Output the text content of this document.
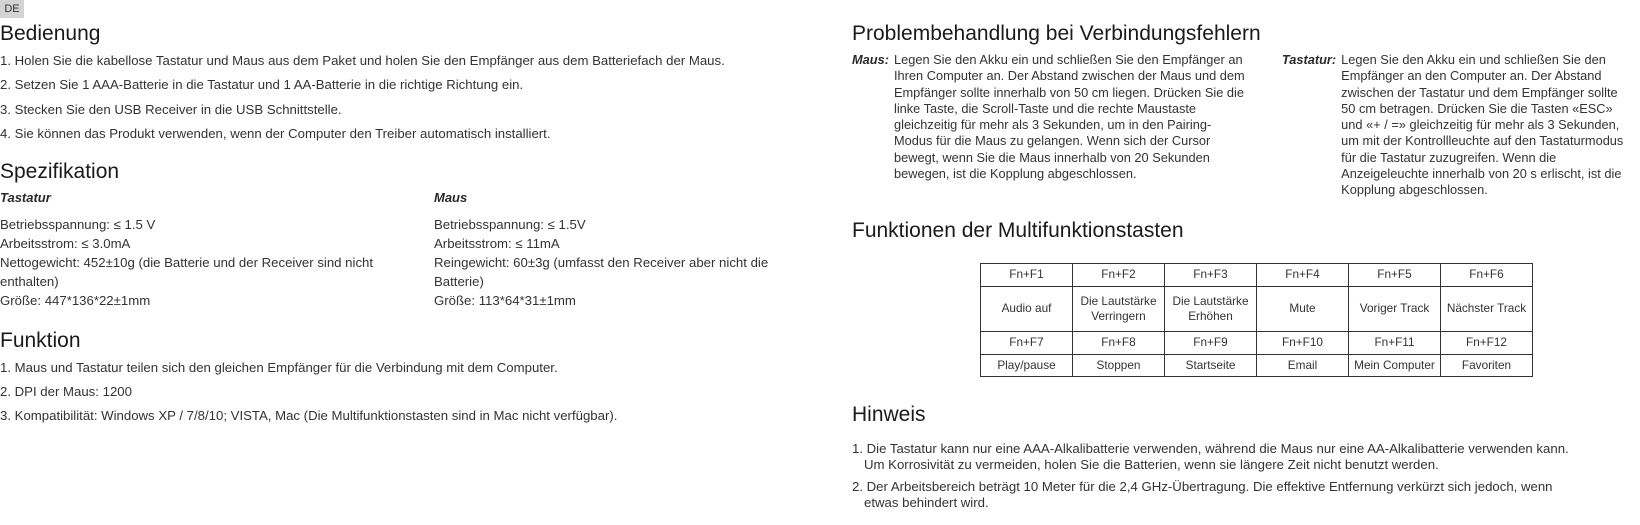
DE
Bedienung
1. Holen Sie die kabellose Tastatur und Maus aus dem Paket und holen Sie den Empfänger aus dem Batteriefach der Maus.
2. Setzen Sie 1 AAA-Batterie in die Tastatur und 1 AA-Batterie in die richtige Richtung ein.
3. Stecken Sie den USB Receiver in die USB Schnittstelle.
4. Sie können das Produkt verwenden, wenn der Computer den Treiber automatisch installiert.
Spezifikation
Tastatur
Betriebsspannung: ≤ 1.5 V
Arbeitsstrom: ≤ 3.0mA
Nettogewicht: 452±10g (die Batterie und der Receiver sind nicht enthalten)
Größe: 447*136*22±1mm
Maus
Betriebsspannung: ≤ 1.5V
Arbeitsstrom: ≤ 11mA
Reingewicht: 60±3g (umfasst den Receiver aber nicht die Batterie)
Größe: 113*64*31±1mm
Funktion
1. Maus und Tastatur teilen sich den gleichen Empfänger für die Verbindung mit dem Computer.
2. DPI der Maus: 1200
3. Kompatibilität: Windows XP / 7/8/10; VISTA, Mac (Die Multifunktionstasten sind in Mac nicht verfügbar).
Problembehandlung bei Verbindungsfehlern
Maus: Legen Sie den Akku ein und schließen Sie den Empfänger an Ihren Computer an. Der Abstand zwischen der Maus und dem Empfänger sollte innerhalb von 50 cm liegen. Drücken Sie die linke Taste, die Scroll-Taste und die rechte Maustaste gleichzeitig für mehr als 3 Sekunden, um in den Pairing-Modus für die Maus zu gelangen. Wenn sich der Cursor bewegt, wenn Sie die Maus innerhalb von 20 Sekunden bewegen, ist die Kopplung abgeschlossen.
Tastatur: Legen Sie den Akku ein und schließen Sie den Empfänger an den Computer an. Der Abstand zwischen der Tastatur und dem Empfänger sollte 50 cm betragen. Drücken Sie die Tasten «ESC» und «+ / =» gleichzeitig für mehr als 3 Sekunden, um mit der Kontrollleuchte auf den Tastaturmodus für die Tastatur zuzugreifen. Wenn die Anzeigeleuchte innerhalb von 20 s erlischt, ist die Kopplung abgeschlossen.
Funktionen der Multifunktionstasten
Fn+F1	Fn+F2	Fn+F3	Fn+F4	Fn+F5	Fn+F6
Audio auf	Die Lautstärke Verringern	Die Lautstärke Erhöhen	Mute	Voriger Track	Nächster Track
Fn+F7	Fn+F8	Fn+F9	Fn+F10	Fn+F11	Fn+F12
Play/pause	Stoppen	Startseite	Email	Mein Computer	Favoriten
Hinweis
1. Die Tastatur kann nur eine AAA-Alkalibatterie verwenden, während die Maus nur eine AA-Alkalibatterie verwenden kann.
Um Korrosivität zu vermeiden, holen Sie die Batterien, wenn sie längere Zeit nicht benutzt werden.
2. Der Arbeitsbereich beträgt 10 Meter für die 2,4 GHz-Übertragung. Die effektive Entfernung verkürzt sich jedoch, wenn
etwas behindert wird.
